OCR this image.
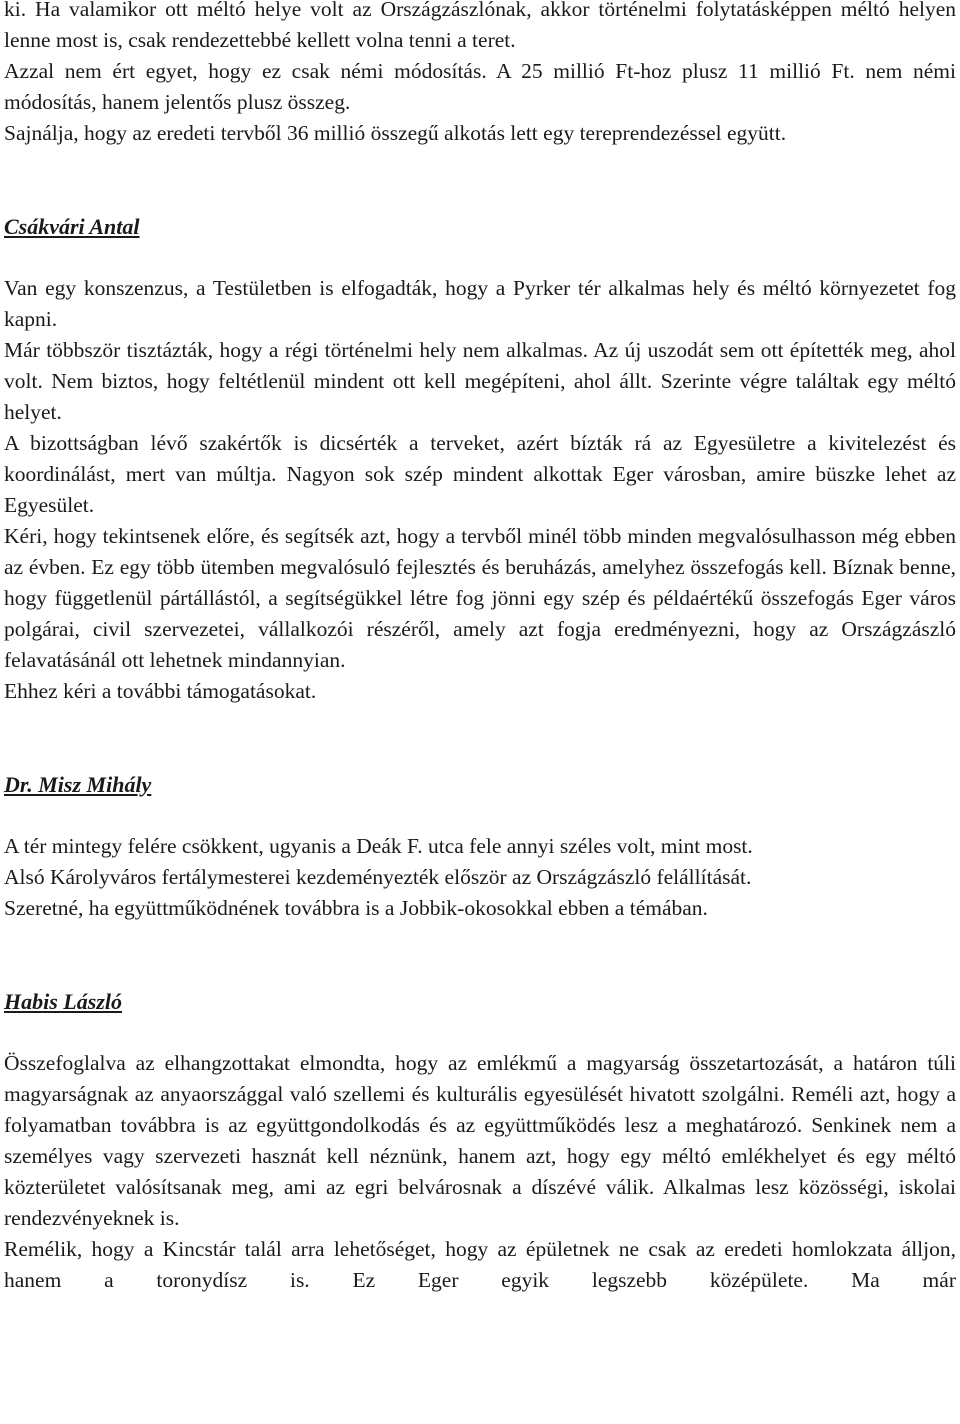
ki. Ha valamikor ott méltó helye volt az Országzászlónak, akkor történelmi folytatásképpen méltó helyen lenne most is, csak rendezettebbé kellett volna tenni a teret.

Azzal nem ért egyet, hogy ez csak némi módosítás. A 25 millió Ft-hoz plusz 11 millió Ft. nem némi módosítás, hanem jelentős plusz összeg.

Sajnálja, hogy az eredeti tervből 36 millió összegű alkotás lett egy tereprendezéssel együtt.

Csákvári Antal

Van egy konszenzus, a Testületben is elfogadták, hogy a Pyrker tér alkalmas hely és méltó környezetet fog kapni.

Már többször tisztázták, hogy a régi történelmi hely nem alkalmas. Az új uszodát sem ott építették meg, ahol volt. Nem biztos, hogy feltétlenül mindent ott kell megépíteni, ahol állt. Szerinte végre találtak egy méltó helyet.

A bizottságban lévő szakértők is dicsérték a terveket, azért bízták rá az Egyesületre a kivitelezést és koordinálást, mert van múltja. Nagyon sok szép mindent alkottak Eger városban, amire büszke lehet az Egyesület.

Kéri, hogy tekintsenek előre, és segítsék azt, hogy a tervből minél több minden megvalósulhasson még ebben az évben. Ez egy több ütemben megvalósuló fejlesztés és beruházás, amelyhez összefogás kell. Bíznak benne, hogy függetlenül pártállástól, a segítségükkel létre fog jönni egy szép és példaértékű összefogás Eger város polgárai, civil szervezetei, vállalkozói részéről, amely azt fogja eredményezni, hogy az Országzászló felavatásánál ott lehetnek mindannyian.

Ehhez kéri a további támogatásokat.

Dr. Misz Mihály

A tér mintegy felére csökkent, ugyanis a Deák F. utca fele annyi széles volt, mint most.

Alsó Károlyváros fertálymesterei kezdeményezték először az Országzászló felállítását.

Szeretné, ha együttműködnének továbbra is a Jobbik-okosokkal ebben a témában.

Habis László

Összefoglalva az elhangzottakat elmondta, hogy az emlékmű a magyarság összetartozását, a határon túli magyarságnak az anyaországgal való szellemi és kulturális egyesülését hivatott szolgálni. Reméli azt, hogy a folyamatban továbbra is az együttgondolkodás és az együttműködés lesz a meghatározó. Senkinek nem a személyes vagy szervezeti hasznát kell néznünk, hanem azt, hogy egy méltó emlékhelyet és egy méltó közterületet valósítsanak meg, ami az egri belvárosnak a díszévé válik. Alkalmas lesz közösségi, iskolai rendezvényeknek is.

Remélik, hogy a Kincstár talál arra lehetőséget, hogy az épületnek ne csak az eredeti homlokzata álljon, hanem a toronydísz is. Ez Eger egyik legszebb középülete. Ma már
